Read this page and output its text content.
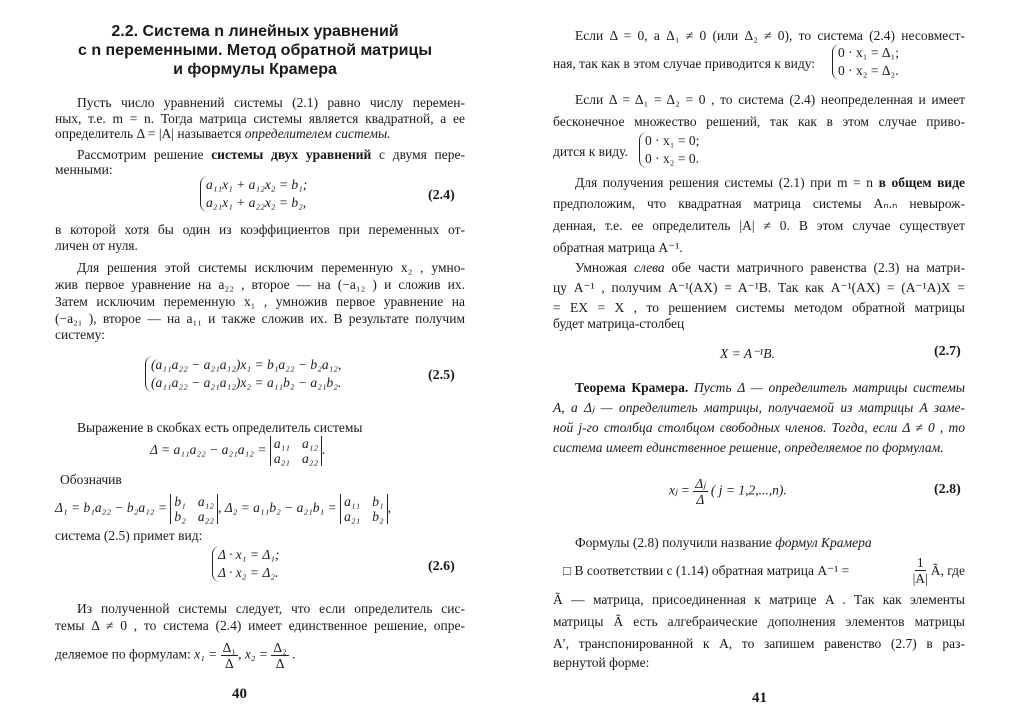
2.2. Система n линейных уравнений
с n переменными. Метод обратной матрицы
и формулы Крамера
Пусть число уравнений системы (2.1) равно числу перемен-
ных, т.е. m = n. Тогда матрица системы является квадратной, а ее
определитель Δ = |A| называется определителем системы.
Рассмотрим решение системы двух уравнений с двумя пере-
менными:
a₁₁x₁ + a₁₂x₂ = b₁;
a₂₁x₁ + a₂₂x₂ = b₂,	(2.4)
в которой хотя бы один из коэффициентов при переменных от-
личен от нуля.
Для решения этой системы исключим переменную x₂ , умно-
жив первое уравнение на a₂₂ , второе — на (−a₁₂ ) и сложив их.
Затем исключим переменную x₁ , умножив первое уравнение на
(−a₂₁ ), второе — на a₁₁ и также сложив их. В результате получим
систему:
(a₁₁a₂₂ − a₂₁a₁₂)x₁ = b₁a₂₂ − b₂a₁₂,
(a₁₁a₂₂ − a₂₁a₁₂)x₂ = a₁₁b₂ − a₂₁b₂.	(2.5)
Выражение в скобках есть определитель системы
Δ = a₁₁a₂₂ − a₂₁a₁₂ = a₁₁ a₁₂
a₂₁ a₂₂
.
Обозначив
Δ₁ = b₁a₂₂ − b₂a₁₂ = b₁ a₁₂
b₂ a₂₂
, Δ₂ = a₁₁b₂ − a₂₁b₁ = a₁₁ b₁
a₂₁ b₂
,
система (2.5) примет вид:
Δ · x₁ = Δ₁;
Δ · x₂ = Δ₂.	(2.6)
Из полученной системы следует, что если определитель сис-
темы Δ ≠ 0 , то система (2.4) имеет единственное решение, опре-
деляемое по формулам: $x_1 = \frac{\text{Δ₁}}{\Delta}$ , $x_2 = \frac{\text{Δ₂}}{\Delta}$ .
40
Если Δ = 0, а Δ₁ ≠ 0 (или Δ₂ ≠ 0), то система (2.4) несовмест-
ная, так как в этом случае приводится к виду:
0 · x₁ = Δ₁;
0 · x₂ = Δ₂.
Если Δ = Δ₁ = Δ₂ = 0 , то система (2.4) неопределенная и имеет
бесконечное множество решений, так как в этом случае приво-
дится к виду.
0 · x₁ = 0;
0 · x₂ = 0.
Для получения решения системы (2.1) при m = n в общем виде
предположим, что квадратная матрица системы Aₙ.ₙ невырож-
денная, т.е. ее определитель |A| ≠ 0. В этом случае существует
обратная матрица A⁻¹.
Умножая слева обе части матричного равенства (2.3) на матри-
цу A⁻¹ , получим A⁻¹(AX) = A⁻¹B. Так как A⁻¹(AX) = (A⁻¹A)X =
= EX = X , то решением системы методом обратной матрицы
будет матрица-столбец
X = A⁻¹B.	(2.7)
Теорема Крамера. Пусть Δ — определитель матрицы системы
A, а Δⱼ — определитель матрицы, получаемой из матрицы A заме-
ной j-го столбца столбцом свободных членов. Тогда, если Δ ≠ 0 , то
система имеет единственное решение, определяемое по формулам.
xⱼ = $\frac{\text{Δⱼ}}{\Delta}$ ( j = 1,2,...,n).	(2.8)
Формулы (2.8) получили название формул Крамера
□ В соответствии с (1.14) обратная матрица A⁻¹ =	$\frac{1}{|A|}$ Ã, где
Ã — матрица, присоединенная к матрице A . Так как элементы
матрицы Ã есть алгебраические дополнения элементов матрицы
A′, транспонированной к A, то запишем равенство (2.7) в раз-
вернутой форме:
41
